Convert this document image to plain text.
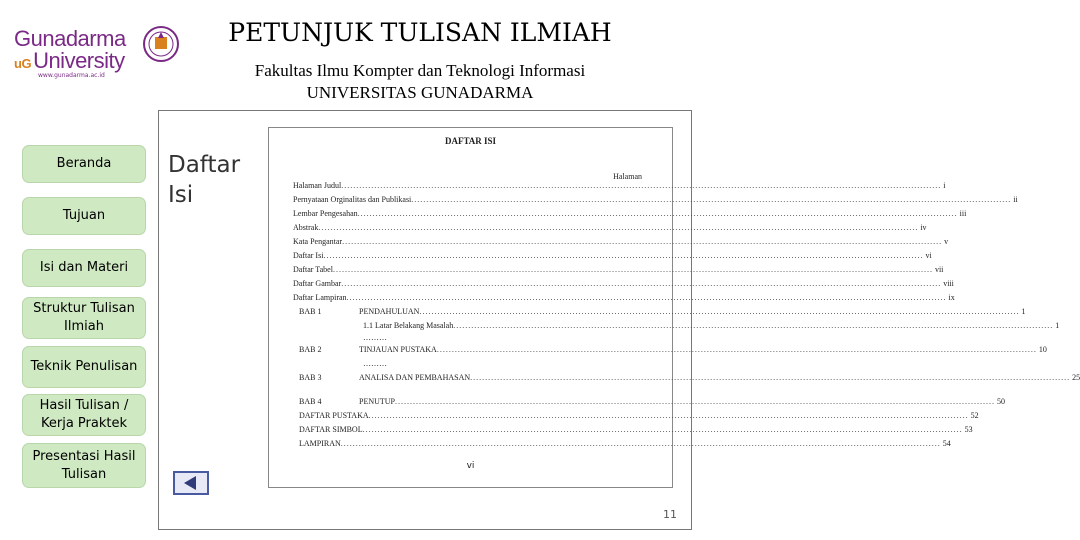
Gunadarma
uGUniversity
www.gunadarma.ac.id
PETUNJUK TULISAN ILMIAH
Fakultas Ilmu Kompter dan Teknologi Informasi
UNIVERSITAS GUNADARMA
Beranda
Tujuan
Isi dan Materi
Struktur Tulisan Ilmiah
Teknik Penulisan
Hasil Tulisan / Kerja Praktek
Presentasi Hasil Tulisan
Daftar
Isi
DAFTAR ISI
Halaman
Halaman Judul ........................................................................................................................................................................................................ i
Pernyataan Orginalitas dan Publikasi ........................................................................................................................................................................................................ ii
Lembar Pengesahan ........................................................................................................................................................................................................ iii
Abstrak ........................................................................................................................................................................................................ iv
Kata Pengantar ........................................................................................................................................................................................................ v
Daftar Isi ........................................................................................................................................................................................................ vi
Daftar Tabel ........................................................................................................................................................................................................ vii
Daftar Gambar ........................................................................................................................................................................................................ viii
Daftar Lampiran ........................................................................................................................................................................................................ ix
BAB 1	PENDAHULUAN ........................................................................................................................................................................................................ 1
1.1 Latar Belakang Masalah ........................................................................................................................................................................................................ 1
………
BAB 2	TINJAUAN PUSTAKA ........................................................................................................................................................................................................ 10
………
BAB 3	ANALISA DAN PEMBAHASAN ........................................................................................................................................................................................................ 25
BAB 4	PENUTUP ........................................................................................................................................................................................................ 50
DAFTAR PUSTAKA ........................................................................................................................................................................................................ 52
DAFTAR SIMBOL ........................................................................................................................................................................................................ 53
LAMPIRAN ........................................................................................................................................................................................................ 54
vi
11
